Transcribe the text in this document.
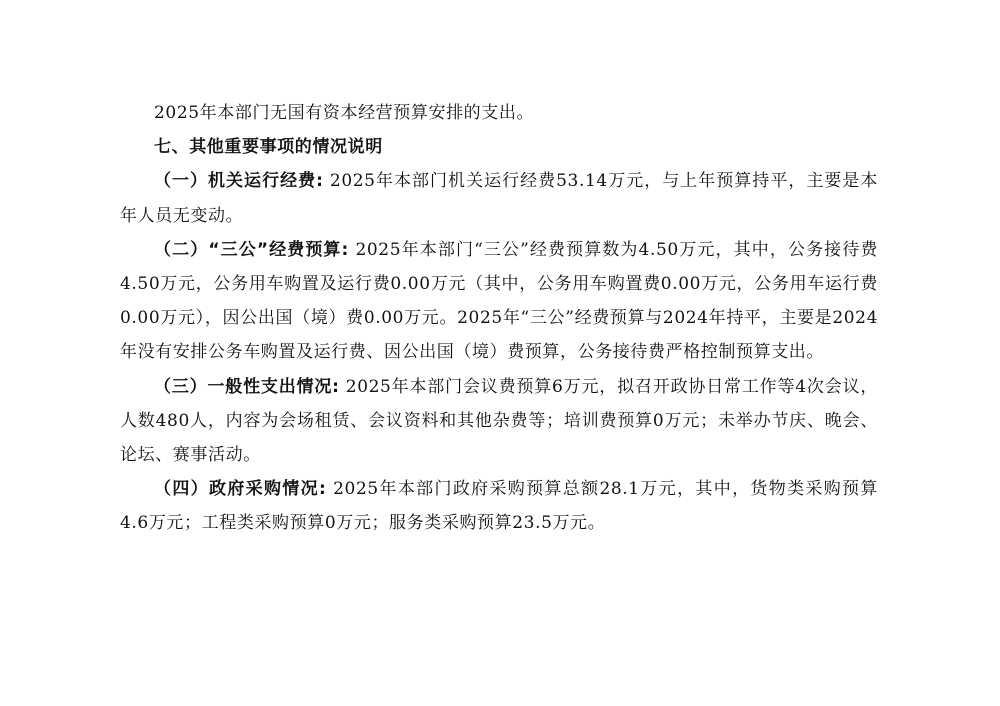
2025年本部门无国有资本经营预算安排的支出。

七、其他重要事项的情况说明

（一）机关运行经费: 2025年本部门机关运行经费53.14万元，与上年预算持平，主要是本年人员无变动。

（二）“三公”经费预算: 2025年本部门“三公”经费预算数为4.50万元，其中，公务接待费4.50万元，公务用车购置及运行费0.00万元（其中，公务用车购置费0.00万元，公务用车运行费0.00万元），因公出国（境）费0.00万元。2025年“三公”经费预算与2024年持平，主要是2024年没有安排公务车购置及运行费、因公出国（境）费预算，公务接待费严格控制预算支出。

（三）一般性支出情况: 2025年本部门会议费预算6万元，拟召开政协日常工作等4次会议，人数480人，内容为会场租赁、会议资料和其他杂费等；培训费预算0万元；未举办节庆、晚会、论坛、赛事活动。

（四）政府采购情况: 2025年本部门政府采购预算总额28.1万元，其中，货物类采购预算4.6万元；工程类采购预算0万元；服务类采购预算23.5万元。
